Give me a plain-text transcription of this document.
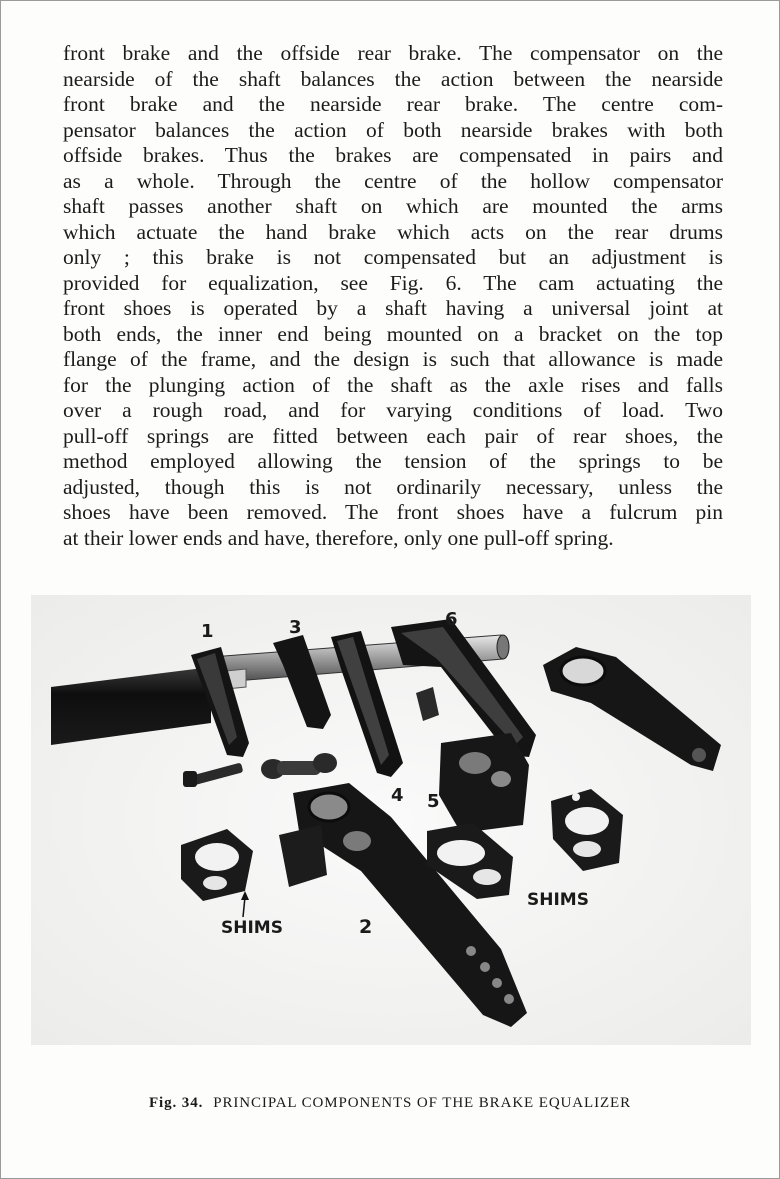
front brake and the offside rear brake. The compensator on the
nearside of the shaft balances the action between the nearside
front brake and the nearside rear brake. The centre com-
pensator balances the action of both nearside brakes with both
offside brakes. Thus the brakes are compensated in pairs and
as a whole. Through the centre of the hollow compensator
shaft passes another shaft on which are mounted the arms
which actuate the hand brake which acts on the rear drums
only ; this brake is not compensated but an adjustment is
provided for equalization, see Fig. 6. The cam actuating the
front shoes is operated by a shaft having a universal joint at
both ends, the inner end being mounted on a bracket on the top
flange of the frame, and the design is such that allowance is made
for the plunging action of the shaft as the axle rises and falls
over a rough road, and for varying conditions of load. Two
pull-off springs are fitted between each pair of rear shoes, the
method employed allowing the tension of the springs to be
adjusted, though this is not ordinarily necessary, unless the
shoes have been removed. The front shoes have a fulcrum pin
at their lower ends and have, therefore, only one pull-off spring.
1	3	6
4 5
2
SHIMS
SHIMS
Fig. 34. PRINCIPAL COMPONENTS OF THE BRAKE EQUALIZER
